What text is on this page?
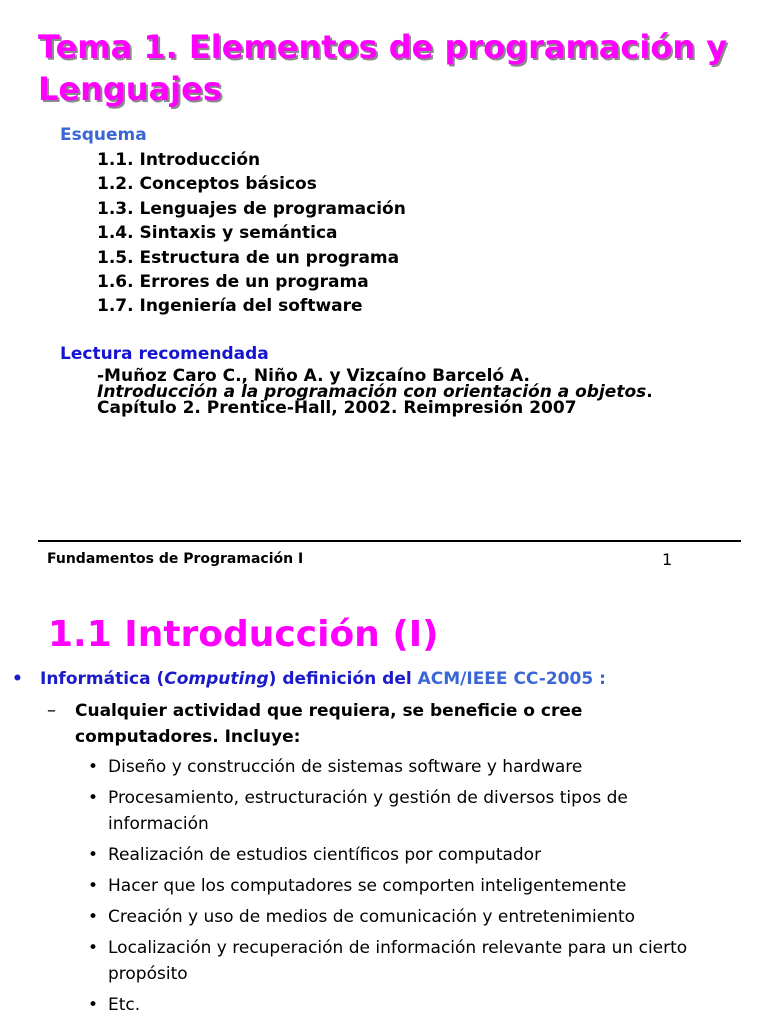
Tema 1. Elementos de programación y Lenguajes
Esquema
1.1. Introducción
1.2. Conceptos básicos
1.3. Lenguajes de programación
1.4. Sintaxis y semántica
1.5. Estructura de un programa
1.6. Errores de un programa
1.7. Ingeniería del software
Lectura recomendada
-Muñoz Caro C., Niño A. y Vizcaíno Barceló A.
Introducción a la programación con orientación a objetos.
Capítulo 2. Prentice-Hall, 2002. Reimpresión 2007
Fundamentos de Programación I	1
1.1 Introducción (I)
• Informática (Computing) definición del ACM/IEEE CC-2005 :
– Cualquier actividad que requiera, se beneficie o cree computadores. Incluye:
• Diseño y construcción de sistemas software y hardware
• Procesamiento, estructuración y gestión de diversos tipos de información
• Realización de estudios científicos por computador
• Hacer que los computadores se comporten inteligentemente
• Creación y uso de medios de comunicación y entretenimiento
• Localización y recuperación de información relevante para un cierto propósito
• Etc.
